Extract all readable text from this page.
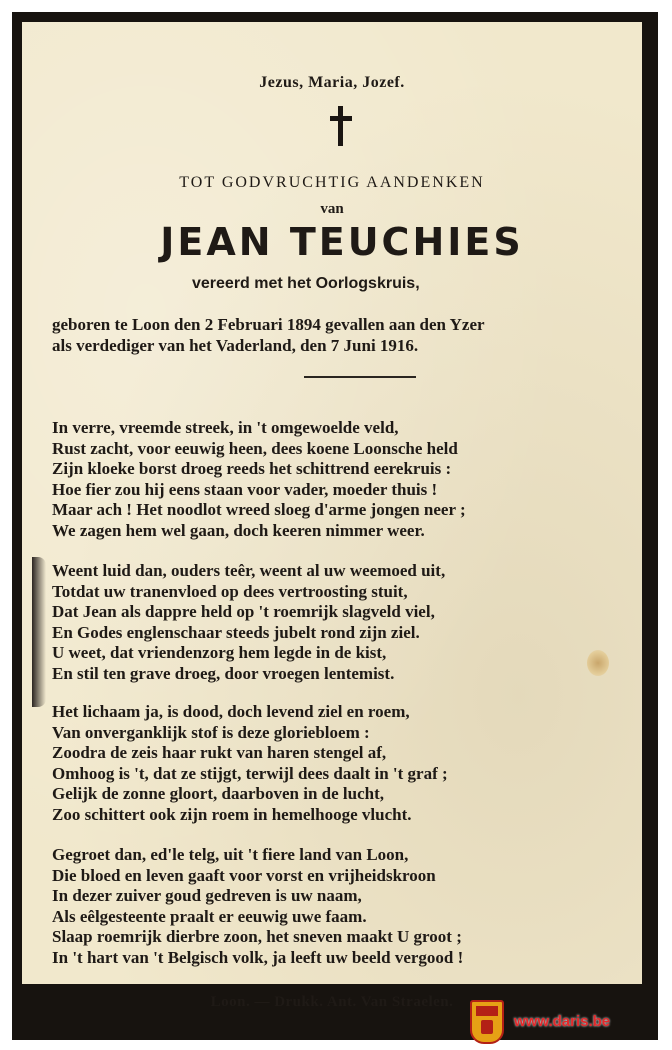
Jezus, Maria, Jozef.
TOT GODVRUCHTIG AANDENKEN
van
JEAN TEUCHIES
vereerd met het Oorlogskruis,
geboren te Loon den 2 Februari 1894 gevallen aan den Yzer
als verdediger van het Vaderland, den 7 Juni 1916.
In verre, vreemde streek, in 't omgewoelde veld,
Rust zacht, voor eeuwig heen, dees koene Loonsche held
Zijn kloeke borst droeg reeds het schittrend eerekruis :
Hoe fier zou hij eens staan voor vader, moeder thuis !
Maar ach ! Het noodlot wreed sloeg d'arme jongen neer ;
We zagen hem wel gaan, doch keeren nimmer weer.
Weent luid dan, ouders teêr, weent al uw weemoed uit,
Totdat uw tranenvloed op dees vertroosting stuit,
Dat Jean als dappre held op 't roemrijk slagveld viel,
En Godes englenschaar steeds jubelt rond zijn ziel.
U weet, dat vriendenzorg hem legde in de kist,
En stil ten grave droeg, door vroegen lentemist.
Het lichaam ja, is dood, doch levend ziel en roem,
Van onverganklijk stof is deze gloriebloem :
Zoodra de zeis haar rukt van haren stengel af,
Omhoog is 't, dat ze stijgt, terwijl dees daalt in 't graf ;
Gelijk de zonne gloort, daarboven in de lucht,
Zoo schittert ook zijn roem in hemelhooge vlucht.
Gegroet dan, ed'le telg, uit 't fiere land van Loon,
Die bloed en leven gaaft voor vorst en vrijheidskroon
In dezer zuiver goud gedreven is uw naam,
Als eêlgesteente praalt er eeuwig uwe faam.
Slaap roemrijk dierbre zoon, het sneven maakt U groot ;
In 't hart van 't Belgisch volk, ja leeft uw beeld vergood !
Loon. — Drukk. Ant. Van Straelen.
www.daris.be
